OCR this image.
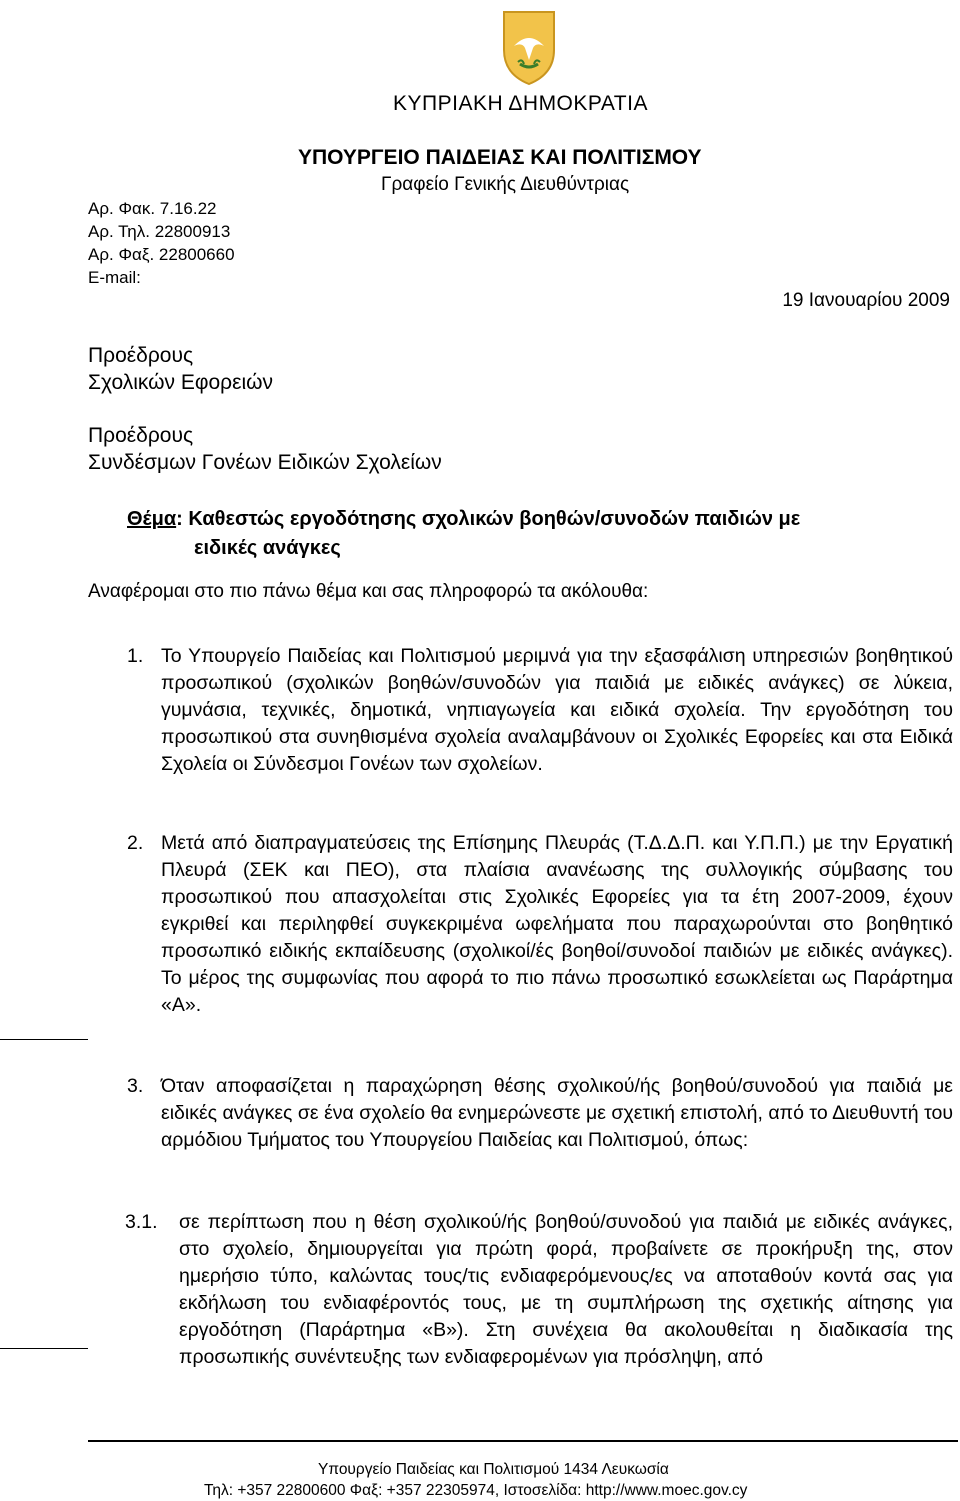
ΚΥΠΡΙΑΚΗ ΔΗΜΟΚΡΑΤΙΑ
ΥΠΟΥΡΓΕΙΟ ΠΑΙΔΕΙΑΣ ΚΑΙ ΠΟΛΙΤΙΣΜΟΥ
Γραφείο Γενικής Διευθύντριας
Αρ. Φακ. 7.16.22
Αρ. Τηλ. 22800913
Αρ. Φαξ. 22800660
E-mail:
19 Ιανουαρίου 2009
Προέδρους
Σχολικών Εφορειών
Προέδρους
Συνδέσμων Γονέων Ειδικών Σχολείων
Θέμα: Καθεστώς εργοδότησης σχολικών βοηθών/συνοδών παιδιών με
ειδικές ανάγκες
Αναφέρομαι στο πιο πάνω θέμα και σας πληροφορώ τα ακόλουθα:
1. Το Υπουργείο Παιδείας και Πολιτισμού μεριμνά για την εξασφάλιση υπηρεσιών βοηθητικού προσωπικού (σχολικών βοηθών/συνοδών για παιδιά με ειδικές ανάγκες) σε λύκεια, γυμνάσια, τεχνικές, δημοτικά, νηπιαγωγεία και ειδικά σχολεία. Την εργοδότηση του προσωπικού στα συνηθισμένα σχολεία αναλαμβάνουν οι Σχολικές Εφορείες και στα Ειδικά Σχολεία οι Σύνδεσμοι Γονέων των σχολείων.
2. Μετά από διαπραγματεύσεις της Επίσημης Πλευράς (Τ.Δ.Δ.Π. και Υ.Π.Π.) με την Εργατική Πλευρά (ΣΕΚ και ΠΕΟ), στα πλαίσια ανανέωσης της συλλογικής σύμβασης του προσωπικού που απασχολείται στις Σχολικές Εφορείες για τα έτη 2007-2009, έχουν εγκριθεί και περιληφθεί συγκεκριμένα ωφελήματα που παραχωρούνται στο βοηθητικό προσωπικό ειδικής εκπαίδευσης (σχολικοί/ές βοηθοί/συνοδοί παιδιών με ειδικές ανάγκες). Το μέρος της συμφωνίας που αφορά το πιο πάνω προσωπικό εσωκλείεται ως Παράρτημα «Α».
3. Όταν αποφασίζεται η παραχώρηση θέσης σχολικού/ής βοηθού/συνοδού για παιδιά με ειδικές ανάγκες σε ένα σχολείο θα ενημερώνεστε με σχετική επιστολή, από το Διευθυντή του αρμόδιου Τμήματος του Υπουργείου Παιδείας και Πολιτισμού, όπως:
3.1. σε περίπτωση που η θέση σχολικού/ής βοηθού/συνοδού για παιδιά με ειδικές ανάγκες, στο σχολείο, δημιουργείται για πρώτη φορά, προβαίνετε σε προκήρυξη της, στον ημερήσιο τύπο, καλώντας τους/τις ενδιαφερόμενους/ες να αποταθούν κοντά σας για εκδήλωση του ενδιαφέροντός τους, με τη συμπλήρωση της σχετικής αίτησης για εργοδότηση (Παράρτημα «Β»). Στη συνέχεια θα ακολουθείται η διαδικασία της προσωπικής συνέντευξης των ενδιαφερομένων για πρόσληψη, από
Υπουργείο Παιδείας και Πολιτισμού 1434 Λευκωσία
Τηλ: +357 22800600 Φαξ: +357 22305974, Ιστοσελίδα: http://www.moec.gov.cy
